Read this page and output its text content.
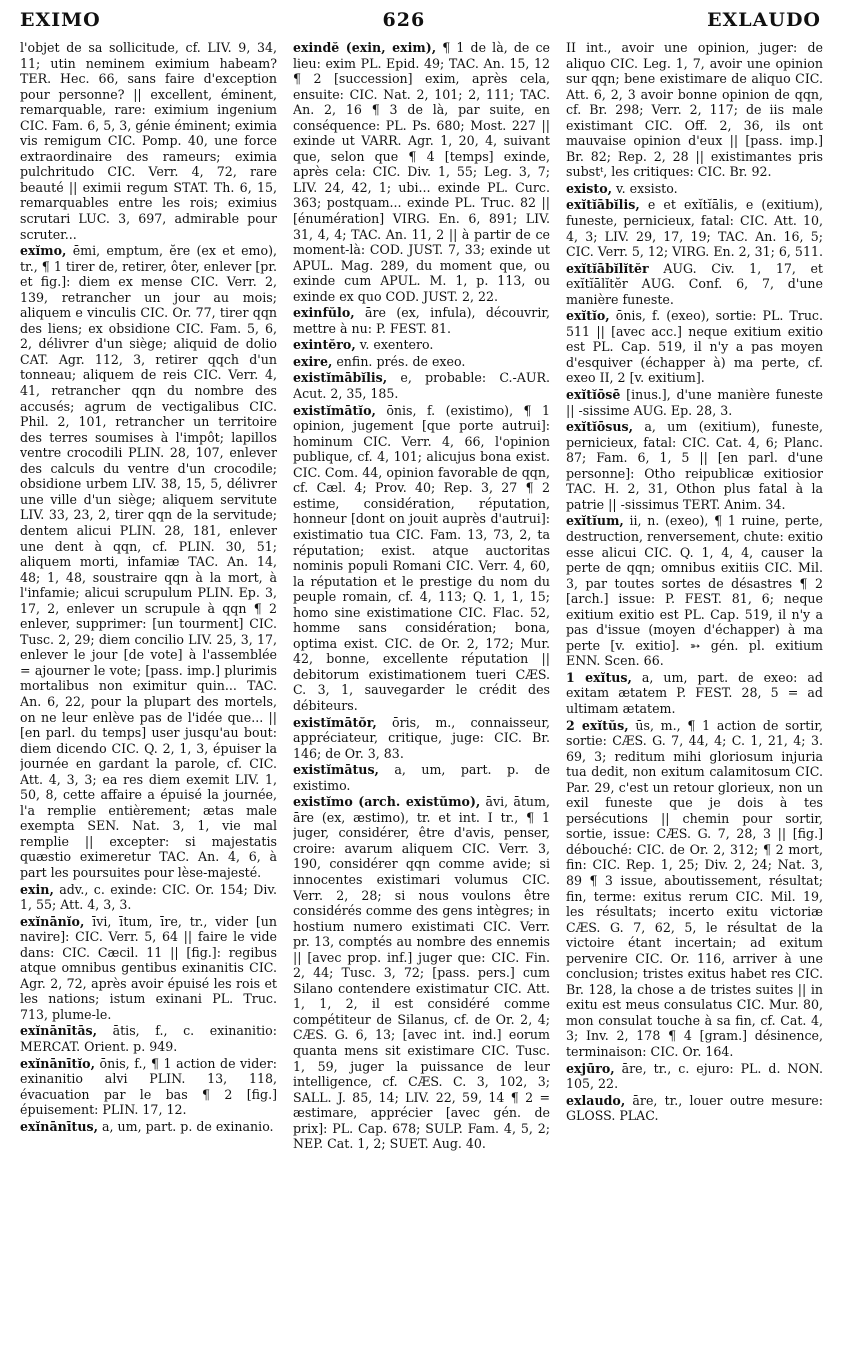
EXIMO	626	EXLAUDO

l'objet de sa sollicitude, cf. LIV. 9, 34, 11; utin neminem eximium habeam? TER. Hec. 66, sans faire d'exception pour personne? || excellent, éminent, remarquable, rare: eximium ingenium CIC. Fam. 6, 5, 3, génie éminent; eximia vis remigum CIC. Pomp. 40, une force extraordinaire des rameurs; eximia pulchritudo CIC. Verr. 4, 72, rare beauté || eximii regum STAT. Th. 6, 15, remarquables entre les rois; eximius scrutari LUC. 3, 697, admirable pour scruter...

exĭmo, ēmi, emptum, ĕre (ex et emo), tr., ¶ 1 tirer de, retirer, ôter, enlever [pr. et fig.]: diem ex mense CIC. Verr. 2, 139, retrancher un jour au mois; aliquem e vinculis CIC. Or. 77, tirer qqn des liens; ex obsidione CIC. Fam. 5, 6, 2, délivrer d'un siège; aliquid de dolio CAT. Agr. 112, 3, retirer qqch d'un tonneau; aliquem de reis CIC. Verr. 4, 41, retrancher qqn du nombre des accusés; agrum de vectigalibus CIC. Phil. 2, 101, retrancher un territoire des terres soumises à l'impôt; lapillos ventre crocodili PLIN. 28, 107, enlever des calculs du ventre d'un crocodile; obsidione urbem LIV. 38, 15, 5, délivrer une ville d'un siège; aliquem servitute LIV. 33, 23, 2, tirer qqn de la servitude; dentem alicui PLIN. 28, 181, enlever une dent à qqn, cf. PLIN. 30, 51; aliquem morti, infamiæ TAC. An. 14, 48; 1, 48, soustraire qqn à la mort, à l'infamie; alicui scrupulum PLIN. Ep. 3, 17, 2, enlever un scrupule à qqn ¶ 2 enlever, supprimer: [un tourment] CIC. Tusc. 2, 29; diem concilio LIV. 25, 3, 17, enlever le jour [de vote] à l'assemblée = ajourner le vote; [pass. imp.] plurimis mortalibus non eximitur quin... TAC. An. 6, 22, pour la plupart des mortels, on ne leur enlève pas de l'idée que... || [en parl. du temps] user jusqu'au bout: diem dicendo CIC. Q. 2, 1, 3, épuiser la journée en gardant la parole, cf. CIC. Att. 4, 3, 3; ea res diem exemit LIV. 1, 50, 8, cette affaire a épuisé la journée, l'a remplie entièrement; ætas male exempta SEN. Nat. 3, 1, vie mal remplie || excepter: si majestatis quæstio eximeretur TAC. An. 4, 6, à part les poursuites pour lèse-majesté.

exin, adv., c. exinde: CIC. Or. 154; Div. 1, 55; Att. 4, 3, 3.

exĭnānĭo, īvi, ītum, īre, tr., vider [un navire]: CIC. Verr. 5, 64 || faire le vide dans: CIC. Cæcil. 11 || [fig.]: regibus atque omnibus gentibus exinanitis CIC. Agr. 2, 72, après avoir épuisé les rois et les nations; istum exinani PL. Truc. 713, plume-le.

exĭnānītās, ātis, f., c. exinanitio: MERCAT. Orient. p. 949.

exĭnānītĭo, ōnis, f., ¶ 1 action de vider: exinanitio alvi PLIN. 13, 118, évacuation par le bas ¶ 2 [fig.] épuisement: PLIN. 17, 12.

exĭnānītus, a, um, part. p. de exinanio.

exindĕ (exin, exim), ¶ 1 de là, de ce lieu: exim PL. Epid. 49; TAC. An. 15, 12 ¶ 2 [succession] exim, après cela, ensuite: CIC. Nat. 2, 101; 2, 111; TAC. An. 2, 16 ¶ 3 de là, par suite, en conséquence: PL. Ps. 680; Most. 227 || exinde ut VARR. Agr. 1, 20, 4, suivant que, selon que ¶ 4 [temps] exinde, après cela: CIC. Div. 1, 55; Leg. 3, 7; LIV. 24, 42, 1; ubi... exinde PL. Curc. 363; postquam... exinde PL. Truc. 82 || [énumération] VIRG. En. 6, 891; LIV. 31, 4, 4; TAC. An. 11, 2 || à partir de ce moment-là: COD. JUST. 7, 33; exinde ut APUL. Mag. 289, du moment que, ou exinde cum APUL. M. 1, p. 113, ou exinde ex quo COD. JUST. 2, 22.

exinfŭlo, āre (ex, infula), découvrir, mettre à nu: P. FEST. 81.

exintĕro, v. exentero.

exire, enfin. prés. de exeo.

existĭmābĭlis, e, probable: C.-AUR. Acut. 2, 35, 185.

existĭmātĭo, ōnis, f. (existimo), ¶ 1 opinion, jugement [que porte autrui]: hominum CIC. Verr. 4, 66, l'opinion publique, cf. 4, 101; alicujus bona exist. CIC. Com. 44, opinion favorable de qqn, cf. Cæl. 4; Prov. 40; Rep. 3, 27 ¶ 2 estime, considération, réputation, honneur [dont on jouit auprès d'autrui]: existimatio tua CIC. Fam. 13, 73, 2, ta réputation; exist. atque auctoritas nominis populi Romani CIC. Verr. 4, 60, la réputation et le prestige du nom du peuple romain, cf. 4, 113; Q. 1, 1, 15; homo sine existimatione CIC. Flac. 52, homme sans considération; bona, optima exist. CIC. de Or. 2, 172; Mur. 42, bonne, excellente réputation || debitorum existimationem tueri CÆS. C. 3, 1, sauvegarder le crédit des débiteurs.

existĭmātŏr, ōris, m., connaisseur, appréciateur, critique, juge: CIC. Br. 146; de Or. 3, 83.

existĭmātus, a, um, part. p. de existimo.

existĭmo (arch. existŭmo), āvi, ātum, āre (ex, æstimo), tr. et int. I tr., ¶ 1 juger, considérer, être d'avis, penser, croire: avarum aliquem CIC. Verr. 3, 190, considérer qqn comme avide; si innocentes existimari volumus CIC. Verr. 2, 28; si nous voulons être considérés comme des gens intègres; in hostium numero existimati CIC. Verr. pr. 13, comptés au nombre des ennemis || [avec prop. inf.] juger que: CIC. Fin. 2, 44; Tusc. 3, 72; [pass. pers.] cum Silano contendere existimatur CIC. Att. 1, 1, 2, il est considéré comme compétiteur de Silanus, cf. de Or. 2, 4; CÆS. G. 6, 13; [avec int. ind.] eorum quanta mens sit existimare CIC. Tusc. 1, 59, juger la puissance de leur intelligence, cf. CÆS. C. 3, 102, 3; SALL. J. 85, 14; LIV. 22, 59, 14 ¶ 2 = æstimare, apprécier [avec gén. de prix]: PL. Cap. 678; SULP. Fam. 4, 5, 2; NEP. Cat. 1, 2; SUET. Aug. 40.

II int., avoir une opinion, juger: de aliquo CIC. Leg. 1, 7, avoir une opinion sur qqn; bene existimare de aliquo CIC. Att. 6, 2, 3 avoir bonne opinion de qqn, cf. Br. 298; Verr. 2, 117; de iis male existimant CIC. Off. 2, 36, ils ont mauvaise opinion d'eux || [pass. imp.] Br. 82; Rep. 2, 28 || existimantes pris substᵗ, les critiques: CIC. Br. 92.

existo, v. exsisto.

exĭtĭābĭlis, e et exĭtĭālis, e (exitium), funeste, pernicieux, fatal: CIC. Att. 10, 4, 3; LIV. 29, 17, 19; TAC. An. 16, 5; CIC. Verr. 5, 12; VIRG. En. 2, 31; 6, 511.

exĭtĭābĭlĭtĕr AUG. Civ. 1, 17, et exĭtĭālĭtĕr AUG. Conf. 6, 7, d'une manière funeste.

exĭtĭo, ōnis, f. (exeo), sortie: PL. Truc. 511 || [avec acc.] neque exitium exitio est PL. Cap. 519, il n'y a pas moyen d'esquiver (échapper à) ma perte, cf. exeo II, 2 [v. exitium].

exĭtĭōsē [inus.], d'une manière funeste || -sissime AUG. Ep. 28, 3.

exĭtĭōsus, a, um (exitium), funeste, pernicieux, fatal: CIC. Cat. 4, 6; Planc. 87; Fam. 6, 1, 5 || [en parl. d'une personne]: Otho reipublicæ exitiosior TAC. H. 2, 31, Othon plus fatal à la patrie || -sissimus TERT. Anim. 34.

exĭtĭum, ii, n. (exeo), ¶ 1 ruine, perte, destruction, renversement, chute: exitio esse alicui CIC. Q. 1, 4, 4, causer la perte de qqn; omnibus exitiis CIC. Mil. 3, par toutes sortes de désastres ¶ 2 [arch.] issue: P. FEST. 81, 6; neque exitium exitio est PL. Cap. 519, il n'y a pas d'issue (moyen d'échapper) à ma perte [v. exitio]. ➳ gén. pl. exitium ENN. Scen. 66.

1 exĭtus, a, um, part. de exeo: ad exitam ætatem P. FEST. 28, 5 = ad ultimam ætatem.

2 exĭtŭs, ūs, m., ¶ 1 action de sortir, sortie: CÆS. G. 7, 44, 4; C. 1, 21, 4; 3. 69, 3; reditum mihi gloriosum injuria tua dedit, non exitum calamitosum CIC. Par. 29, c'est un retour glorieux, non un exil funeste que je dois à tes persécutions || chemin pour sortir, sortie, issue: CÆS. G. 7, 28, 3 || [fig.] débouché: CIC. de Or. 2, 312; ¶ 2 mort, fin: CIC. Rep. 1, 25; Div. 2, 24; Nat. 3, 89 ¶ 3 issue, aboutissement, résultat; fin, terme: exitus rerum CIC. Mil. 19, les résultats; incerto exitu victoriæ CÆS. G. 7, 62, 5, le résultat de la victoire étant incertain; ad exitum pervenire CIC. Or. 116, arriver à une conclusion; tristes exitus habet res CIC. Br. 128, la chose a de tristes suites || in exitu est meus consulatus CIC. Mur. 80, mon consulat touche à sa fin, cf. Cat. 4, 3; Inv. 2, 178 ¶ 4 [gram.] désinence, terminaison: CIC. Or. 164.

exjūro, āre, tr., c. ejuro: PL. d. NON. 105, 22.

exlaudo, āre, tr., louer outre mesure: GLOSS. PLAC.
